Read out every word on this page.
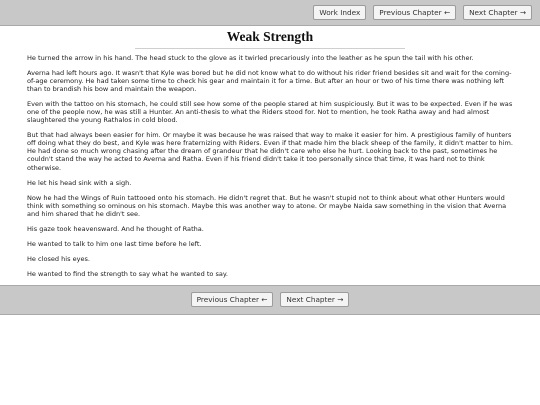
Work Index	Previous Chapter ←	Next Chapter →
Weak Strength

He turned the arrow in his hand. The head stuck to the glove as it twirled precariously into the leather as he spun the tail with his other.

Averna had left hours ago. It wasn't that Kyle was bored but he did not know what to do without his rider friend besides sit and wait for the coming-of-age ceremony. He had taken some time to check his gear and maintain it for a time. But after an hour or two of his time there was nothing left than to brandish his bow and maintain the weapon.

Even with the tattoo on his stomach, he could still see how some of the people stared at him suspiciously. But it was to be expected. Even if he was one of the people now, he was still a Hunter. An anti-thesis to what the Riders stood for. Not to mention, he took Ratha away and had almost slaughtered the young Rathalos in cold blood.

But that had always been easier for him. Or maybe it was because he was raised that way to make it easier for him. A prestigious family of hunters off doing what they do best, and Kyle was here fraternizing with Riders. Even if that made him the black sheep of the family, it didn't matter to him. He had done so much wrong chasing after the dream of grandeur that he didn't care who else he hurt. Looking back to the past, sometimes he couldn't stand the way he acted to Averna and Ratha. Even if his friend didn't take it too personally since that time, it was hard not to think otherwise.

He let his head sink with a sigh.

Now he had the Wings of Ruin tattooed onto his stomach. He didn't regret that. But he wasn't stupid not to think about what other Hunters would think with something so ominous on his stomach. Maybe this was another way to atone. Or maybe Naida saw something in the vision that Averna and him shared that he didn't see.

His gaze took heavensward. And he thought of Ratha.

He wanted to talk to him one last time before he left.

He closed his eyes.

He wanted to find the strength to say what he wanted to say.

Previous Chapter ←	Next Chapter →
